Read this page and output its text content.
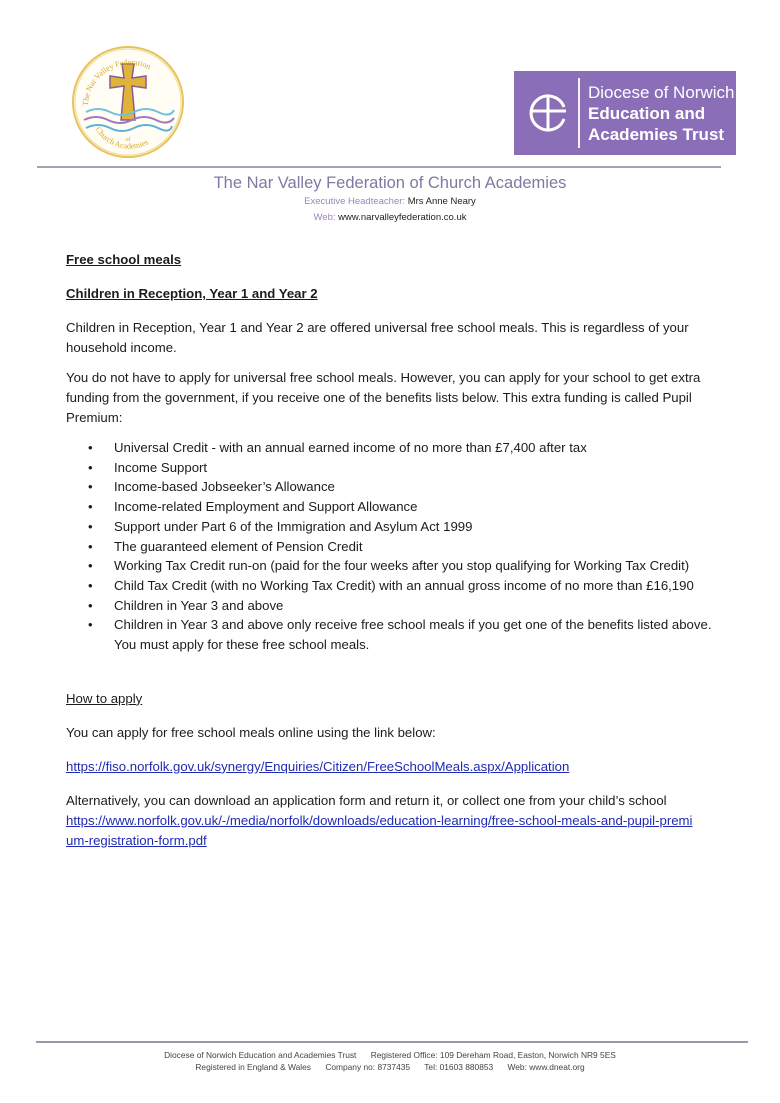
The Nar Valley Federation
of
Church Academies
Diocese of Norwich
Education and
Academies Trust
The Nar Valley Federation of Church Academies
Executive Headteacher: Mrs Anne Neary
Web: www.narvalleyfederation.co.uk

Free school meals

Children in Reception, Year 1 and Year 2

Children in Reception, Year 1 and Year 2 are offered universal free school meals. This is regardless of your household income.

You do not have to apply for universal free school meals. However, you can apply for your school to get extra funding from the government, if you receive one of the benefits lists below. This extra funding is called Pupil Premium:

• Universal Credit - with an annual earned income of no more than £7,400 after tax
• Income Support
• Income-based Jobseeker’s Allowance
• Income-related Employment and Support Allowance
• Support under Part 6 of the Immigration and Asylum Act 1999
• The guaranteed element of Pension Credit
• Working Tax Credit run-on (paid for the four weeks after you stop qualifying for Working Tax Credit)
• Child Tax Credit (with no Working Tax Credit) with an annual gross income of no more than £16,190
• Children in Year 3 and above
• Children in Year 3 and above only receive free school meals if you get one of the benefits listed above. You must apply for these free school meals.

How to apply

You can apply for free school meals online using the link below:

https://fiso.norfolk.gov.uk/synergy/Enquiries/Citizen/FreeSchoolMeals.aspx/Application

Alternatively, you can download an application form and return it, or collect one from your child’s school

https://www.norfolk.gov.uk/-/media/norfolk/downloads/education-learning/free-school-meals-and-pupil-premium-registration-form.pdf

Diocese of Norwich Education and Academies Trust Registered Office: 109 Dereham Road, Easton, Norwich NR9 5ES
Registered in England & Wales Company no: 8737435 Tel: 01603 880853 Web: www.dneat.org
